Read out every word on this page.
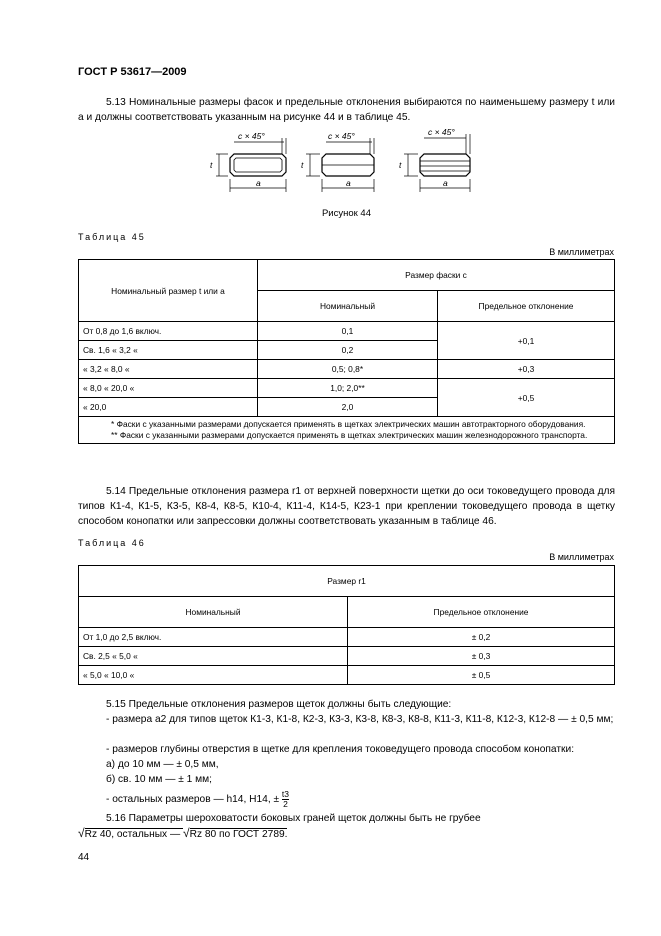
ГОСТ Р 53617—2009
5.13 Номинальные размеры фасок и предельные отклонения выбираются по наименьшему размеру t или a и должны соответствовать указанным на рисунке 44 и в таблице 45.
c × 45°	c × 45°	c × 45°
a	a	a
t	t	t
Рисунок 44
Таблица 45
В миллиметрах
Номинальный размер t или a	Размер фаски c	
	Номинальный	Предельное отклонение
От 0,8 до 1,6 включ.	0,1	+0,1
Св. 1,6 « 3,2 «	0,2	
« 3,2 « 8,0 «	0,5; 0,8*	+0,3
« 8,0 « 20,0 «	1,0; 2,0**	+0,5
« 20,0	2,0	

* Фаски с указанными размерами допускается применять в щетках электрических машин автотракторного оборудования.

** Фаски с указанными размерами допускается применять в щетках электрических машин железнодорожного транспорта.		

5.14 Предельные отклонения размера r1 от верхней поверхности щетки до оси токоведущего провода для типов К1-4, К1-5, К3-5, К8-4, К8-5, К10-4, К11-4, К14-5, К23-1 при креплении токоведущего провода в щетку способом конопатки или запрессовки должны соответствовать указанным в таблице 46.
Таблица 46
В миллиметрах
Размер r1	
Номинальный	Предельное отклонение
От 1,0 до 2,5 включ.	± 0,2
Св. 2,5 « 5,0 «	± 0,3
« 5,0 « 10,0 «	± 0,5
5.15 Предельные отклонения размеров щеток должны быть следующие:
- размера a2 для типов щеток К1-3, К1-8, К2-3, К3-3, К3-8, К8-3, К8-8, К11-3, К11-8, К12-3, К12-8 — ± 0,5 мм;
- размеров глубины отверстия в щетке для крепления токоведущего провода способом конопатки:
а) до 10 мм — ± 0,5 мм,
б) св. 10 мм — ± 1 мм;
- остальных размеров — h14, H14, ± $\frac{t3}{2}$
5.16 Параметры шероховатости боковых граней щеток должны быть не грубее
√Rz 40, остальных — √Rz 80 по ГОСТ 2789.
44
